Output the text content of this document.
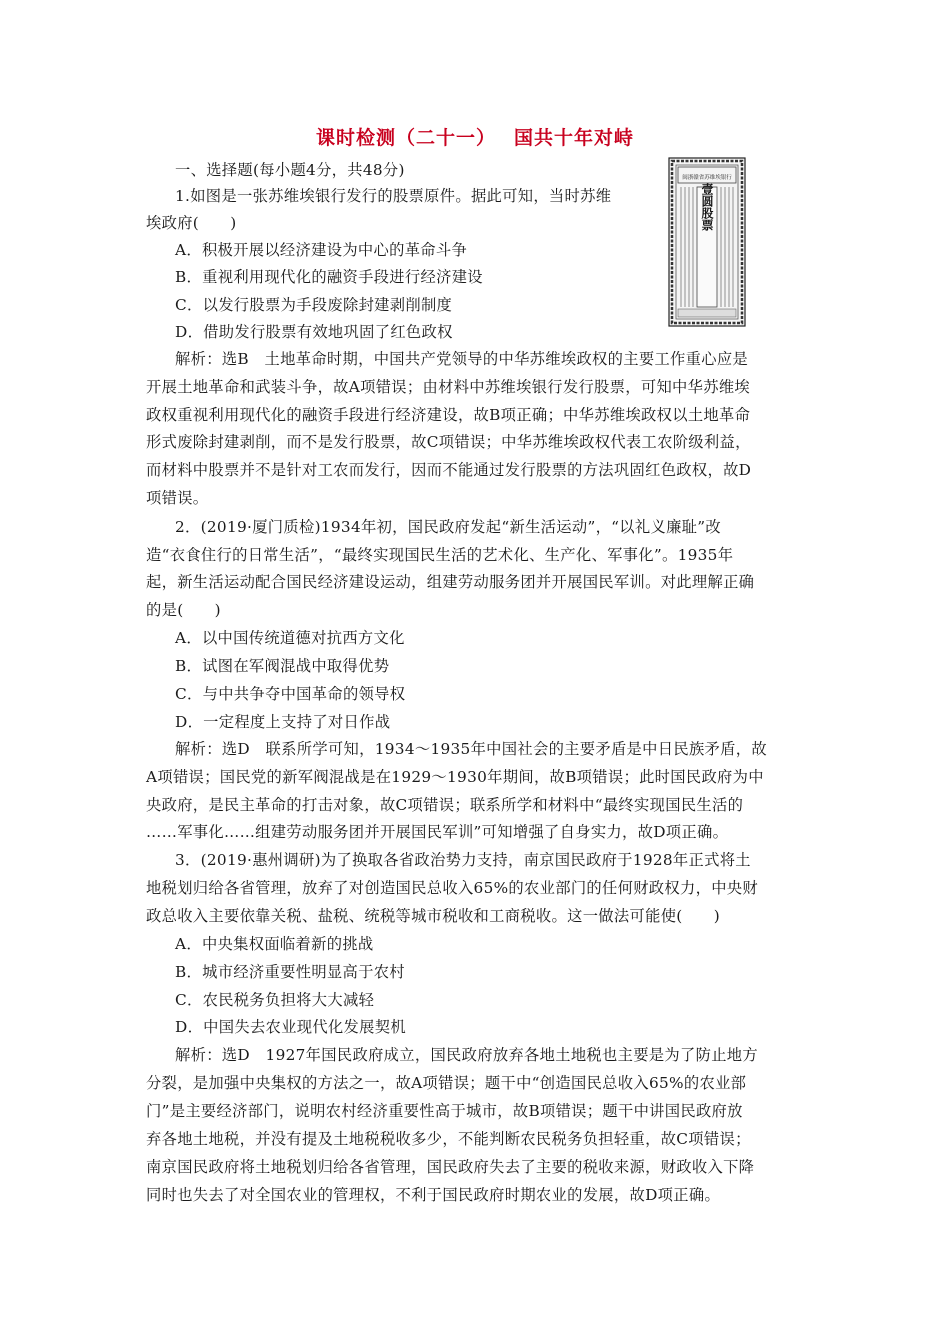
课时检测（二十一） 国共十年对峙
一、选择题(每小题4分，共48分)
1.如图是一张苏维埃银行发行的股票原件。据此可知，当时苏维
埃政府(　　)
A．积极开展以经济建设为中心的革命斗争
B．重视利用现代化的融资手段进行经济建设
C．以发行股票为手段废除封建剥削制度
D．借助发行股票有效地巩固了红色政权
解析：选B　土地革命时期，中国共产党领导的中华苏维埃政权的主要工作重心应是
开展土地革命和武装斗争，故A项错误；由材料中苏维埃银行发行股票，可知中华苏维埃
政权重视利用现代化的融资手段进行经济建设，故B项正确；中华苏维埃政权以土地革命
形式废除封建剥削，而不是发行股票，故C项错误；中华苏维埃政权代表工农阶级利益，
而材料中股票并不是针对工农而发行，因而不能通过发行股票的方法巩固红色政权，故D
项错误。
闽浙赣省苏维埃银行
壹圆股票
2．(2019·厦门质检)1934年初，国民政府发起“新生活运动”，“以礼义廉耻”改
造“衣食住行的日常生活”，“最终实现国民生活的艺术化、生产化、军事化”。1935年
起，新生活运动配合国民经济建设运动，组建劳动服务团并开展国民军训。对此理解正确
的是(　　)
A．以中国传统道德对抗西方文化
B．试图在军阀混战中取得优势
C．与中共争夺中国革命的领导权
D．一定程度上支持了对日作战
解析：选D　联系所学可知，1934～1935年中国社会的主要矛盾是中日民族矛盾，故
A项错误；国民党的新军阀混战是在1929～1930年期间，故B项错误；此时国民政府为中
央政府，是民主革命的打击对象，故C项错误；联系所学和材料中“最终实现国民生活的
……军事化……组建劳动服务团并开展国民军训”可知增强了自身实力，故D项正确。
3．(2019·惠州调研)为了换取各省政治势力支持，南京国民政府于1928年正式将土
地税划归给各省管理，放弃了对创造国民总收入65%的农业部门的任何财政权力，中央财
政总收入主要依靠关税、盐税、统税等城市税收和工商税收。这一做法可能使(　　)
A．中央集权面临着新的挑战
B．城市经济重要性明显高于农村
C．农民税务负担将大大减轻
D．中国失去农业现代化发展契机
解析：选D　1927年国民政府成立，国民政府放弃各地土地税也主要是为了防止地方
分裂，是加强中央集权的方法之一，故A项错误；题干中“创造国民总收入65%的农业部
门”是主要经济部门，说明农村经济重要性高于城市，故B项错误；题干中讲国民政府放
弃各地土地税，并没有提及土地税税收多少，不能判断农民税务负担轻重，故C项错误；
南京国民政府将土地税划归给各省管理，国民政府失去了主要的税收来源，财政收入下降
同时也失去了对全国农业的管理权，不利于国民政府时期农业的发展，故D项正确。
